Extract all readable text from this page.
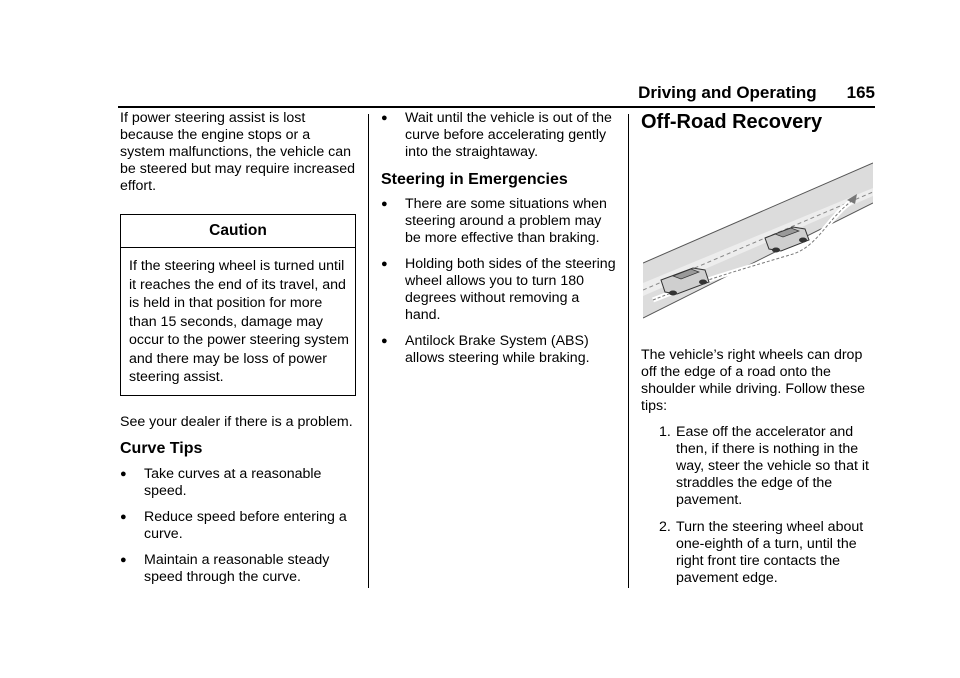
Driving and Operating 165

If power steering assist is lost because the engine stops or a system malfunctions, the vehicle can be steered but may require increased effort.

Caution
If the steering wheel is turned until it reaches the end of its travel, and is held in that position for more than 15 seconds, damage may occur to the power steering system and there may be loss of power steering assist.

See your dealer if there is a problem.

Curve Tips
● Take curves at a reasonable speed.
● Reduce speed before entering a curve.
● Maintain a reasonable steady speed through the curve.
● Wait until the vehicle is out of the curve before accelerating gently into the straightaway.
Steering in Emergencies
● There are some situations when steering around a problem may be more effective than braking.
● Holding both sides of the steering wheel allows you to turn 180 degrees without removing a hand.
● Antilock Brake System (ABS) allows steering while braking.
Off-Road Recovery

The vehicle’s right wheels can drop off the edge of a road onto the shoulder while driving. Follow these tips:

1. Ease off the accelerator and then, if there is nothing in the way, steer the vehicle so that it straddles the edge of the pavement.
2. Turn the steering wheel about one-eighth of a turn, until the right front tire contacts the pavement edge.
